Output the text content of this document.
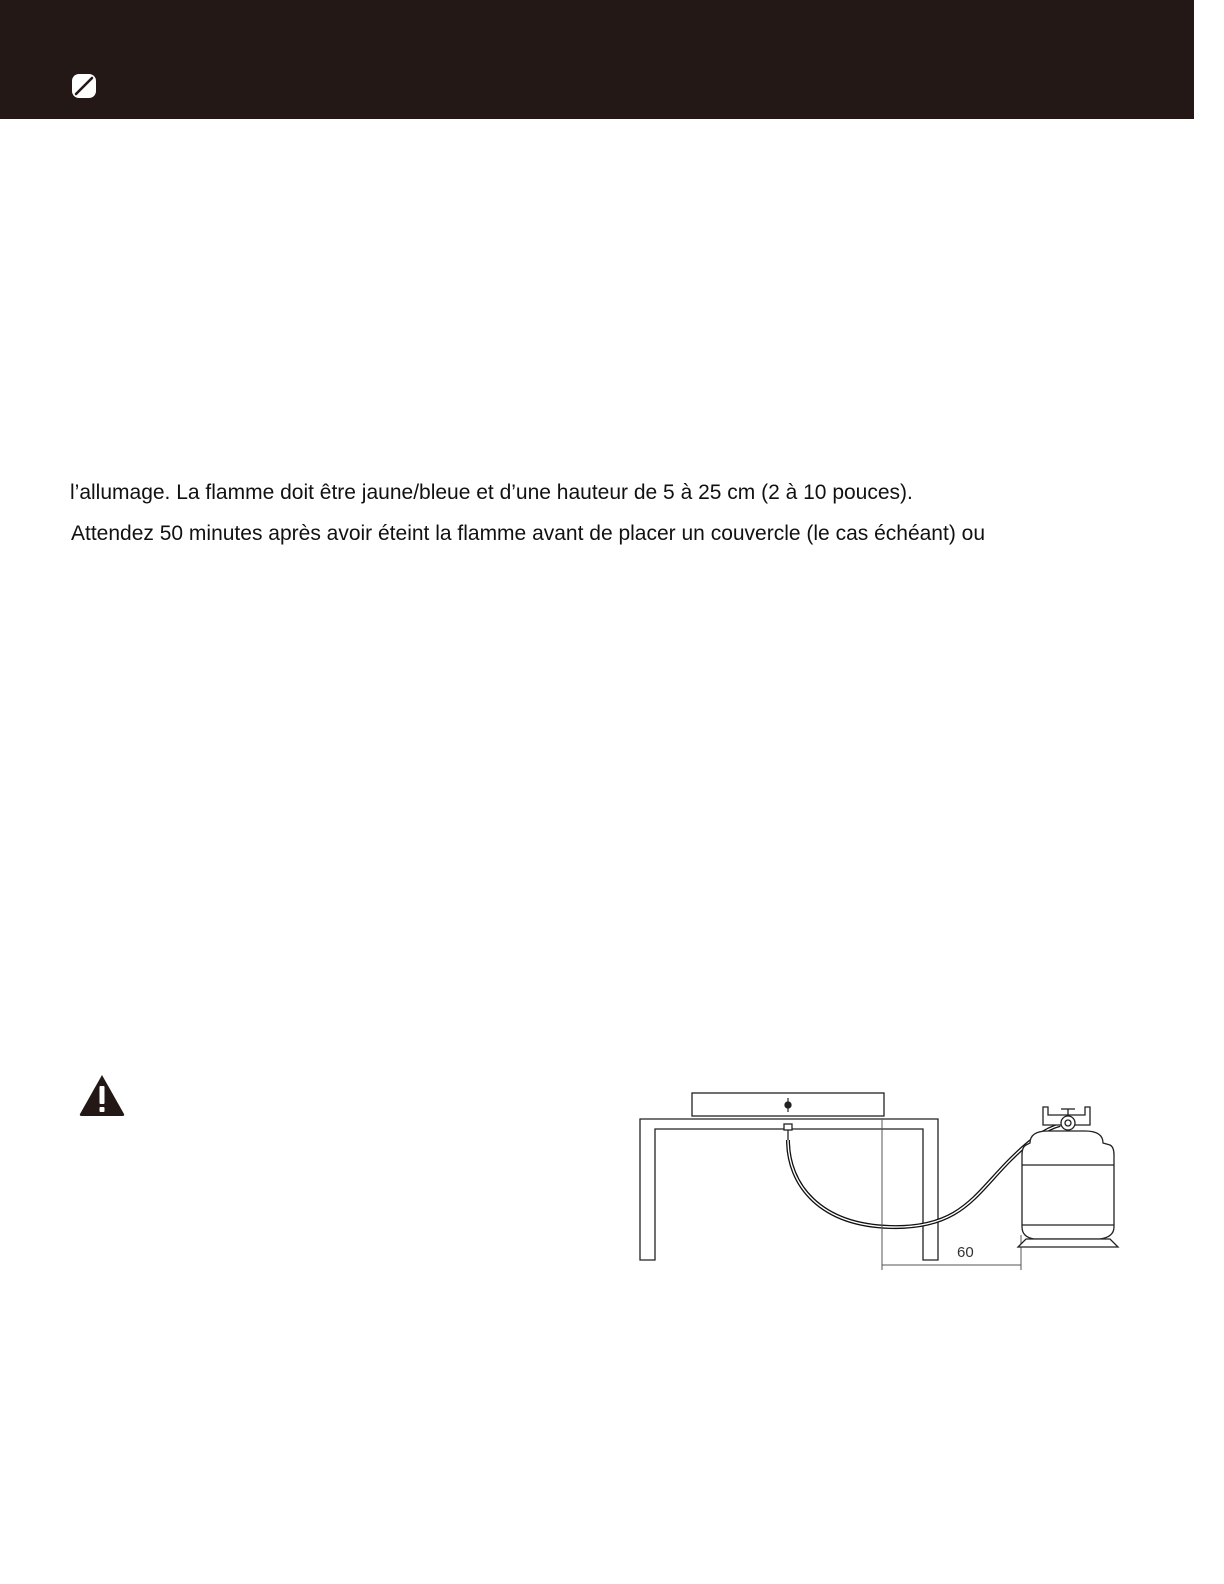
l’allumage. La flamme doit être jaune/bleue et d’une hauteur de 5 à 25 cm (2 à 10 pouces).
Attendez 50 minutes après avoir éteint la flamme avant de placer un couvercle (le cas échéant) ou
60
